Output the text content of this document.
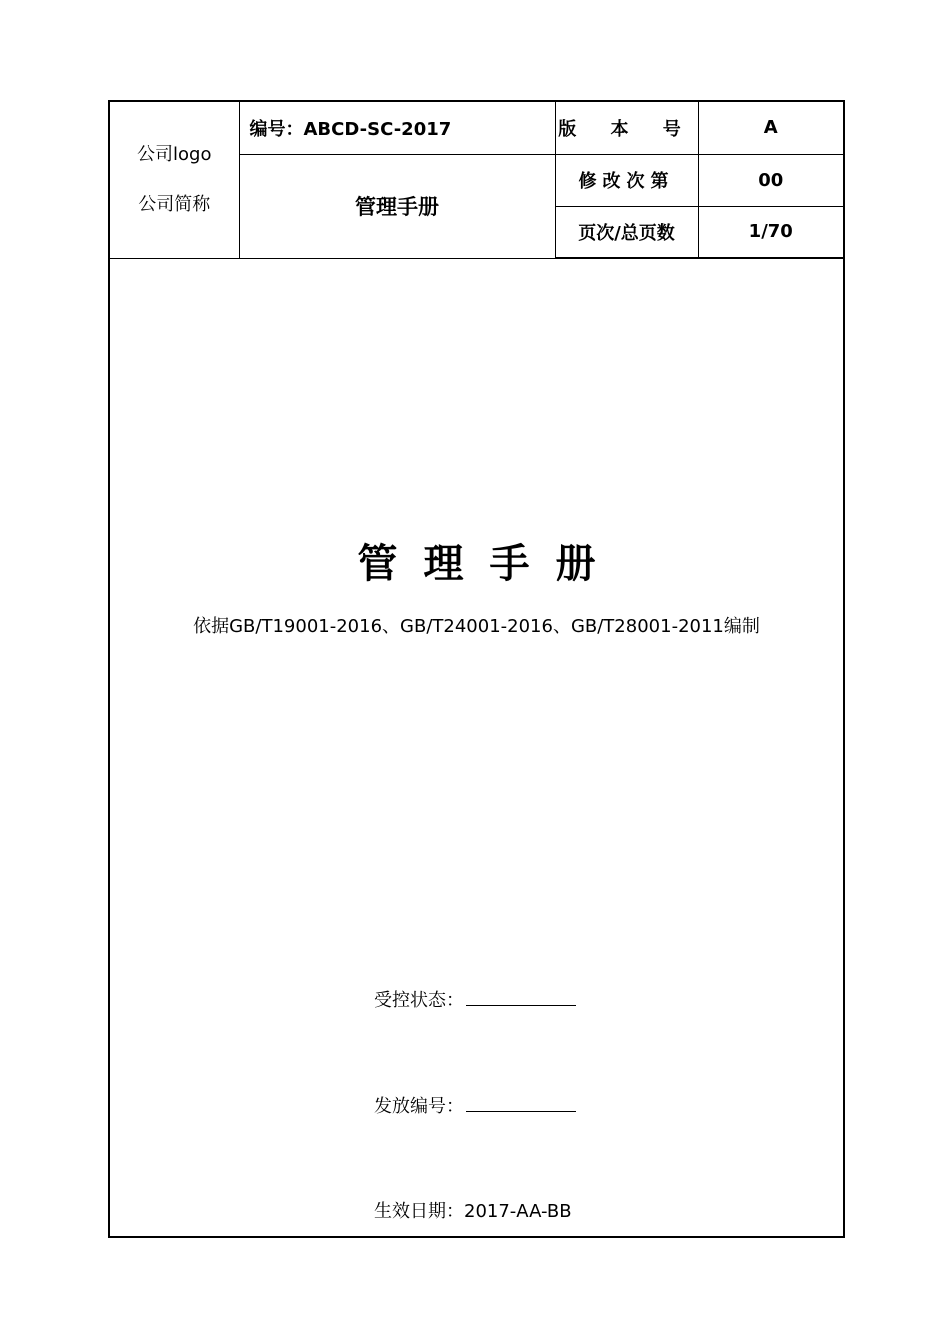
公司logo
公司简称	编号：ABCD-SC-2017	版 本 号	A
	管理手册	修改次第	00
		页次/总页数	1/70
管理手册

依据GB/T19001-2016、GB/T24001-2016、GB/T28001-2011编制

受控状态：
发放编号：
生效日期：2017-AA-BB
